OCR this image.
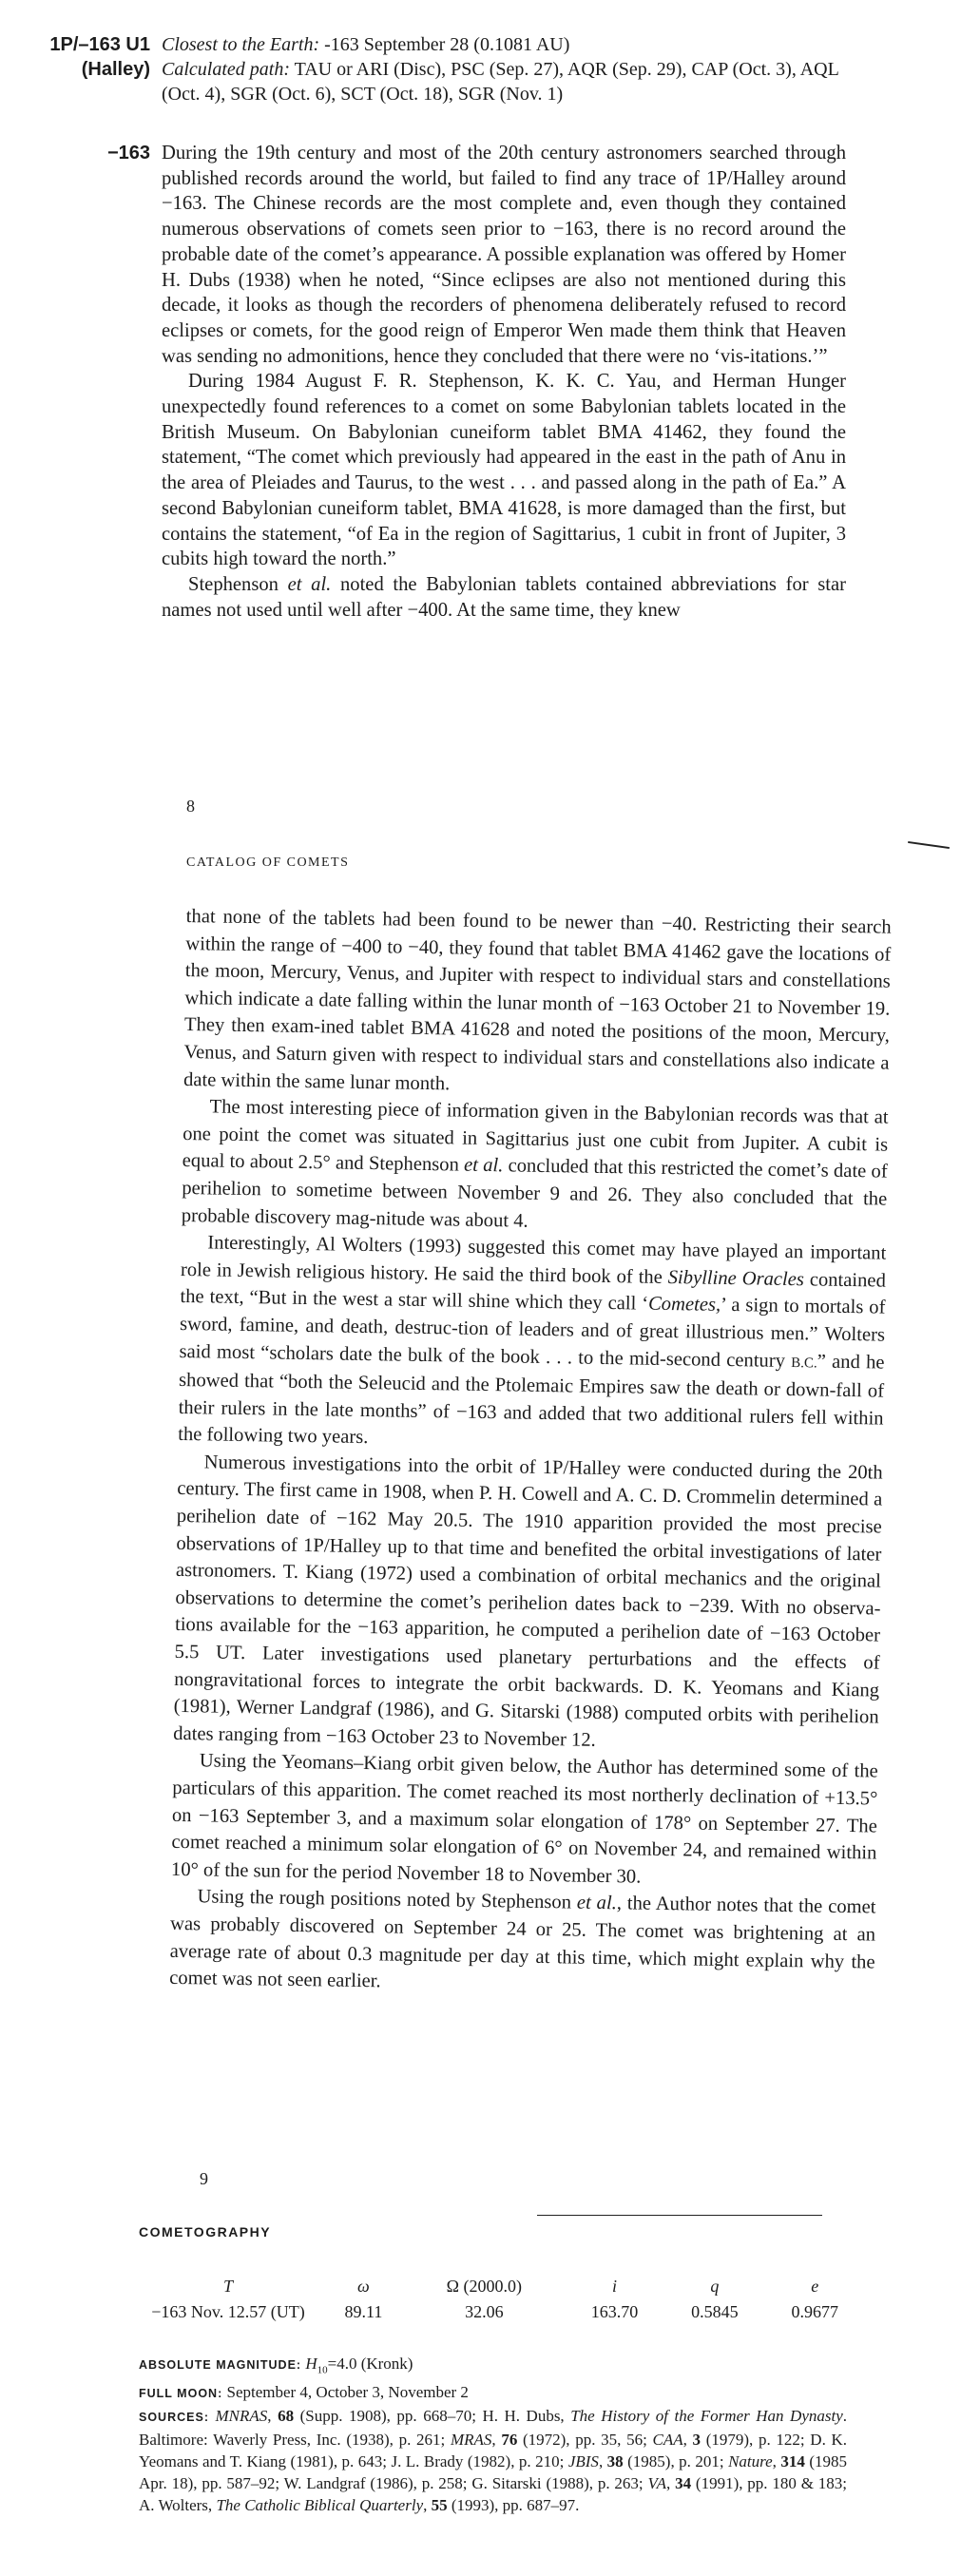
1P/–163 U1
(Halley)
Closest to the Earth: -163 September 28 (0.1081 AU)
Calculated path: TAU or ARI (Disc), PSC (Sep. 27), AQR (Sep. 29), CAP (Oct. 3), AQL (Oct. 4), SGR (Oct. 6), SCT (Oct. 18), SGR (Nov. 1)
−163 During the 19th century and most of the 20th century astronomers searched through published records around the world, but failed to find any trace of 1P/Halley around −163. The Chinese records are the most complete and, even though they contained numerous observations of comets seen prior to −163, there is no record around the probable date of the comet’s appearance. A possible explanation was offered by Homer H. Dubs (1938) when he noted, “Since eclipses are also not mentioned during this decade, it looks as though the recorders of phenomena deliberately refused to record eclipses or comets, for the good reign of Emperor Wen made them think that Heaven was sending no admonitions, hence they concluded that there were no ‘vis-itations.’”

During 1984 August F. R. Stephenson, K. K. C. Yau, and Herman Hunger unexpectedly found references to a comet on some Babylonian tablets located in the British Museum. On Babylonian cuneiform tablet BMA 41462, they found the statement, “The comet which previously had appeared in the east in the path of Anu in the area of Pleiades and Taurus, to the west . . . and passed along in the path of Ea.” A second Babylonian cuneiform tablet, BMA 41628, is more damaged than the first, but contains the statement, “of Ea in the region of Sagittarius, 1 cubit in front of Jupiter, 3 cubits high toward the north.”

Stephenson et al. noted the Babylonian tablets contained abbreviations for star names not used until well after −400. At the same time, they knew

8
CATALOG OF COMETS

that none of the tablets had been found to be newer than −40. Restricting their search within the range of −400 to −40, they found that tablet BMA 41462 gave the locations of the moon, Mercury, Venus, and Jupiter with respect to individual stars and constellations which indicate a date falling within the lunar month of −163 October 21 to November 19. They then exam-ined tablet BMA 41628 and noted the positions of the moon, Mercury, Venus, and Saturn given with respect to individual stars and constellations also indicate a date within the same lunar month.

The most interesting piece of information given in the Babylonian records was that at one point the comet was situated in Sagittarius just one cubit from Jupiter. A cubit is equal to about 2.5° and Stephenson et al. concluded that this restricted the comet’s date of perihelion to sometime between November 9 and 26. They also concluded that the probable discovery mag-nitude was about 4.

Interestingly, Al Wolters (1993) suggested this comet may have played an important role in Jewish religious history. He said the third book of the Sibylline Oracles contained the text, “But in the west a star will shine which they call ‘Cometes,’ a sign to mortals of sword, famine, and death, destruc-tion of leaders and of great illustrious men.” Wolters said most “scholars date the bulk of the book . . . to the mid-second century B.C.” and he showed that “both the Seleucid and the Ptolemaic Empires saw the death or down-fall of their rulers in the late months” of −163 and added that two additional rulers fell within the following two years.

Numerous investigations into the orbit of 1P/Halley were conducted during the 20th century. The first came in 1908, when P. H. Cowell and A. C. D. Crommelin determined a perihelion date of −162 May 20.5. The 1910 apparition provided the most precise observations of 1P/Halley up to that time and benefited the orbital investigations of later astronomers. T. Kiang (1972) used a combination of orbital mechanics and the original observations to determine the comet’s perihelion dates back to −239. With no observa-tions available for the −163 apparition, he computed a perihelion date of −163 October 5.5 UT. Later investigations used planetary perturbations and the effects of nongravitational forces to integrate the orbit backwards. D. K. Yeomans and Kiang (1981), Werner Landgraf (1986), and G. Sitarski (1988) computed orbits with perihelion dates ranging from −163 October 23 to November 12.

Using the Yeomans–Kiang orbit given below, the Author has determined some of the particulars of this apparition. The comet reached its most northerly declination of +13.5° on −163 September 3, and a maximum solar elongation of 178° on September 27. The comet reached a minimum solar elongation of 6° on November 24, and remained within 10° of the sun for the period November 18 to November 30.

Using the rough positions noted by Stephenson et al., the Author notes that the comet was probably discovered on September 24 or 25. The comet was brightening at an average rate of about 0.3 magnitude per day at this time, which might explain why the comet was not seen earlier.

9
COMETOGRAPHY
T	ω	Ω (2000.0)	i	q	e
−163 Nov. 12.57 (UT)	89.11	32.06	163.70	0.5845	0.9677

ABSOLUTE MAGNITUDE: $H_{10}=4.0$ (Kronk)

FULL MOON: September 4, October 3, November 2

SOURCES: MNRAS, 68 (Supp. 1908), pp. 668–70; H. H. Dubs, The History of the Former Han Dynasty. Baltimore: Waverly Press, Inc. (1938), p. 261; MRAS, 76 (1972), pp. 35, 56; CAA, 3 (1979), p. 122; D. K. Yeomans and T. Kiang (1981), p. 643; J. L. Brady (1982), p. 210; JBIS, 38 (1985), p. 201; Nature, 314 (1985 Apr. 18), pp. 587–92; W. Landgraf (1986), p. 258; G. Sitarski (1988), p. 263; VA, 34 (1991), pp. 180 & 183; A. Wolters, The Catholic Biblical Quarterly, 55 (1993), pp. 687–97.
